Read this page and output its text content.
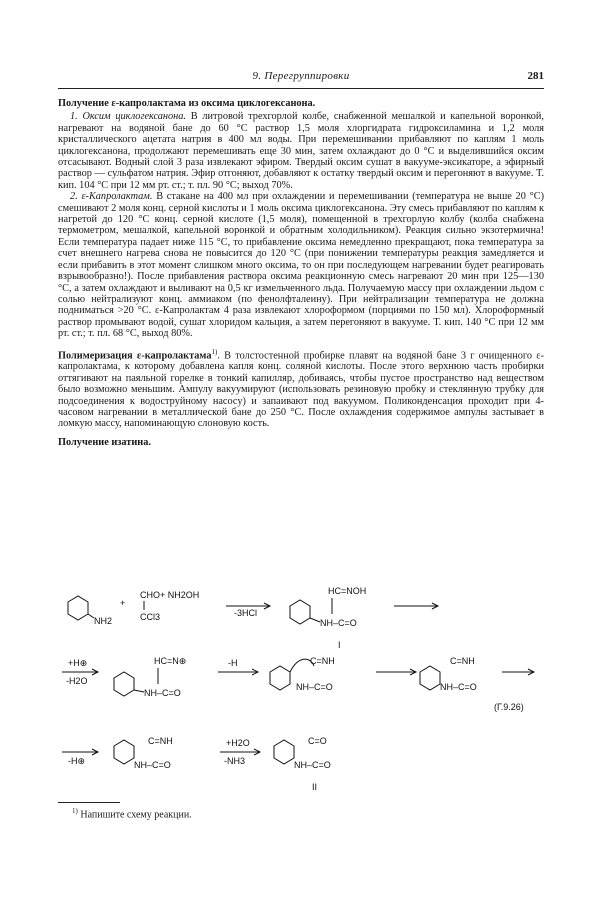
9. Перегруппировки	281

Получение ε-капролактама из оксима циклогексанона.

1. Оксим циклогексанона. В литровой трехгорлой колбе, снабженной мешалкой и капельной воронкой, нагревают на водяной бане до 60 °C раствор 1,5 моля хлоргидрата гидроксиламина и 1,2 моля кристаллического ацетата натрия в 400 мл воды. При перемешивании прибавляют по каплям 1 моль циклогексанона, продолжают перемешивать еще 30 мин, затем охлаждают до 0 °C и выделившийся оксим отсасывают. Водный слой 3 раза извлекают эфиром. Твердый оксим сушат в вакууме-эксикаторе, а эфирный раствор — сульфатом натрия. Эфир отгоняют, добавляют к остатку твердый оксим и перегоняют в вакууме. Т. кип. 104 °C при 12 мм рт. ст.; т. пл. 90 °C; выход 70%.

2. ε-Капролактам. В стакане на 400 мл при охлаждении и перемешивании (температура не выше 20 °C) смешивают 2 моля конц. серной кислоты и 1 моль оксима циклогексанона. Эту смесь прибавляют по каплям к нагретой до 120 °C конц. серной кислоте (1,5 моля), помещенной в трехгорлую колбу (колба снабжена термометром, мешалкой, капельной воронкой и обратным холодильником). Реакция сильно экзотермична! Если температура падает ниже 115 °C, то прибавление оксима немедленно прекращают, пока температура за счет внешнего нагрева снова не повысится до 120 °C (при понижении температуры реакция замедляется и если прибавить в этот момент слишком много оксима, то он при последующем нагревании будет реагировать взрывообразно!). После прибавления раствора оксима реакционную смесь нагревают 20 мин при 125—130 °C, а затем охлаждают и выливают на 0,5 кг измельченного льда. Получаемую массу при охлаждении льдом с солью нейтрализуют конц. аммиаком (по фенолфталеину). При нейтрализации температура не должна подниматься >20 °C. ε-Капролактам 4 раза извлекают хлороформом (порциями по 150 мл). Хлороформный раствор промывают водой, сушат хлоридом кальция, а затем перегоняют в вакууме. Т. кип. 140 °C при 12 мм рт. ст.; т. пл. 68 °C, выход 80%.

Полимеризация ε-капролактама$^{1)}$. В толстостенной пробирке плавят на водяной бане 3 г очищенного ε-капролактама, к которому добавлена капля конц. соляной кислоты. После этого верхнюю часть пробирки оттягивают на паяльной горелке в тонкий капилляр, добиваясь, чтобы пустое пространство над веществом было возможно меньшим. Ампулу вакуумируют (использовать резиновую пробку и стеклянную трубку для подсоединения к водоструйному насосу) и запаивают под вакуумом. Поликонденсация проходит при 4-часовом нагревании в металлической бане до 250 °C. После охлаждения содержимое ампулы застывает в ломкую массу, напоминающую слоновую кость.

Получение изатина.

NH2
+
CHO + NH2OH
CCl3	-3HCl
HC=NOH
NH–C=O
I
+H⊕
-H2O
HC=N⊕
NH–C=O
-H	C=NH
NH–C=O
C=NH
NH–C=O
(Г.9.26)
-H⊕
C=NH
NH–C=O
+H2O
-NH3
C=O
NH–C=O
II
$^{1)}$ Напишите схему реакции.
